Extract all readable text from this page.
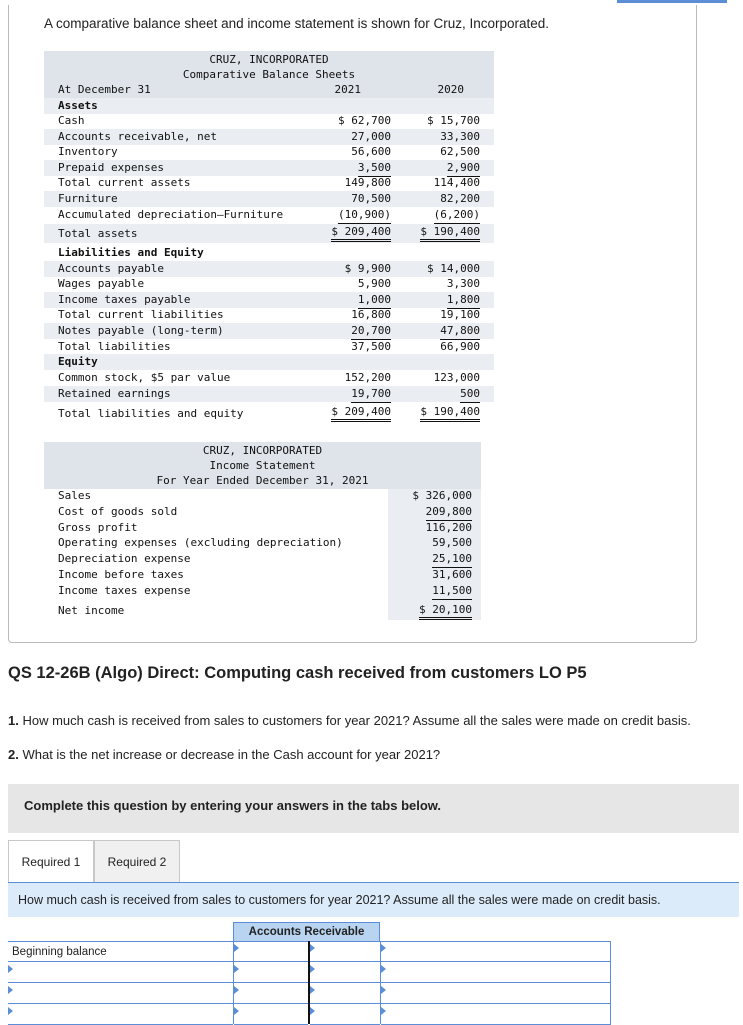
A comparative balance sheet and income statement is shown for Cruz, Incorporated.
CRUZ, INCORPORATED
Comparative Balance Sheets
At December 31	2021	2020
Assets
Cash	$ 62,700	$ 15,700
Accounts receivable, net	27,000	33,300
Inventory	56,600	62,500
Prepaid expenses	3,500	2,900
Total current assets	149,800	114,400
Furniture	70,500	82,200
Accumulated depreciation—Furniture	(10,900)	(6,200)
Total assets	$ 209,400	$ 190,400
Liabilities and Equity
Accounts payable	$ 9,900	$ 14,000
Wages payable	5,900	3,300
Income taxes payable	1,000	1,800
Total current liabilities	16,800	19,100
Notes payable (long-term)	20,700	47,800
Total liabilities	37,500	66,900
Equity
Common stock, $5 par value	152,200	123,000
Retained earnings	19,700	500
Total liabilities and equity	$ 209,400	$ 190,400
CRUZ, INCORPORATED
Income Statement
For Year Ended December 31, 2021
Sales	$ 326,000
Cost of goods sold	209,800
Gross profit	116,200
Operating expenses (excluding depreciation)	59,500
Depreciation expense	25,100
Income before taxes	31,600
Income taxes expense	11,500
Net income	$ 20,100
QS 12-26B (Algo) Direct: Computing cash received from customers LO P5
1. How much cash is received from sales to customers for year 2021? Assume all the sales were made on credit basis.
2. What is the net increase or decrease in the Cash account for year 2021?
Complete this question by entering your answers in the tabs below.
Required 1	Required 2
How much cash is received from sales to customers for year 2021? Assume all the sales were made on credit basis.
Accounts Receivable
Beginning balance
